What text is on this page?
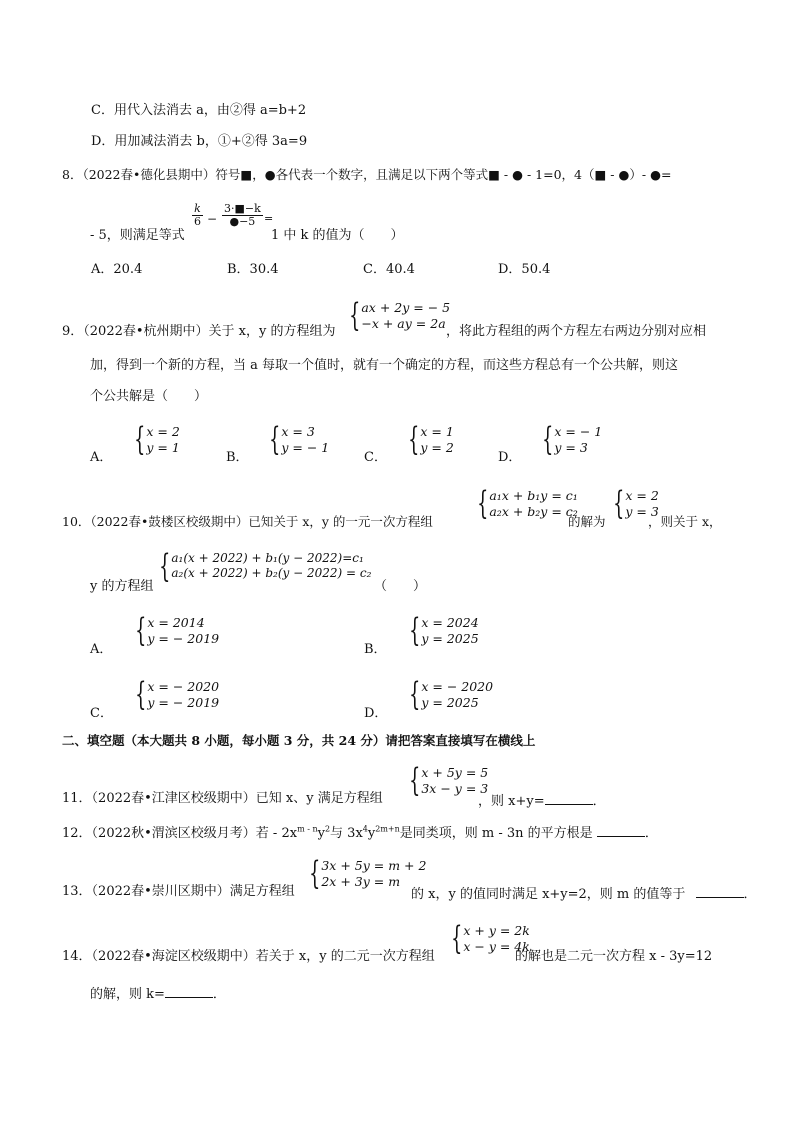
C．用代入法消去 a，由②得 a=b+2
D．用加减法消去 b，①+②得 3a=9
8．（2022春•德化县期中）符号■，●各代表一个数字，且满足以下两个等式■ - ● - 1=0，4（■ - ●）- ●=
- 5，则满足等式
k
6 −
3·■−k
●−5 =
1 中 k 的值为（　　）
A．20.4	B．30.4	C．40.4	D．50.4
9．（2022春•杭州期中）关于 x，y 的方程组为 { ax + 2y = − 5
−x + ay = 2a
，将此方程组的两个方程左右两边分别对应相
加，得到一个新的方程，当 a 每取一个值时，就有一个确定的方程，而这些方程总有一个公共解，则这
个公共解是（　　）
A． { x = 2
y = 1
B． { x = 3
y = − 1
C． { x = 1
y = 2
D． { x = − 1
y = 3
10．（2022春•鼓楼区校级期中）已知关于 x，y 的一元一次方程组 { a₁x + b₁y = c₁
a₂x + b₂y = c₂
的解为 { x = 2
y = 3
，则关于 x，
y 的方程组
{ a₁(x + 2022) + b₁(y − 2022)=c₁
a₂(x + 2022) + b₂(y − 2022) = c₂
（　　）
A．
{ x = 2014
y = − 2019
B．
{ x = 2024
y = 2025
C．
{ x = − 2020
y = − 2019
D．
{ x = − 2020
y = 2025
二、填空题（本大题共 8 小题，每小题 3 分，共 24 分）请把答案直接填写在横线上
11．（2022春•江津区校级期中）已知 x、y 满足方程组 { x + 5y = 5
3x − y = 3
，则 x+y=	．
12．（2022秋•渭滨区校级月考）若 - $2x^{m - n}y^2$与 $3x^4y^{2m+n}$是同类项，则 m - 3n 的平方根是	．
13．（2022春•崇川区期中）满足方程组 { 3x + 5y = m + 2
2x + 3y = m
的 x，y 的值同时满足 x+y=2，则 m 的值等于	．
14．（2022春•海淀区校级期中）若关于 x，y 的二元一次方程组 { x + y = 2k
x − y = 4k
的解也是二元一次方程 x - 3y=12
的解，则 k=	．
